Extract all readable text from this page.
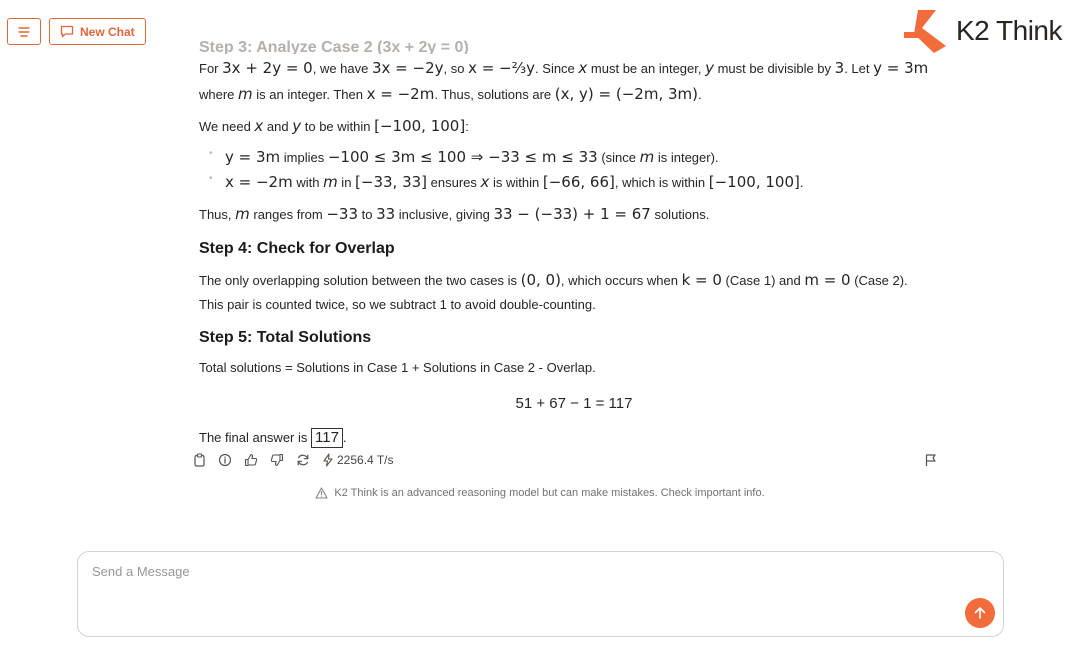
New Chat	K2 Think
Step 3: Analyze Case 2 (3x + 2y = 0)

For 3x + 2y = 0, we have 3x = −2y, so x = −⅔y. Since x must be an integer, y must be divisible by 3. Let y = 3m
where m is an integer. Then x = −2m. Thus, solutions are (x, y) = (−2m, 3m).

We need x and y to be within [−100, 100]:

• y = 3m implies −100 ≤ 3m ≤ 100 ⇒ −33 ≤ m ≤ 33 (since m is integer).
• x = −2m with m in [−33, 33] ensures x is within [−66, 66], which is within [−100, 100].

Thus, m ranges from −33 to 33 inclusive, giving 33 − (−33) + 1 = 67 solutions.

Step 4: Check for Overlap

The only overlapping solution between the two cases is (0, 0), which occurs when k = 0 (Case 1) and m = 0 (Case 2).
This pair is counted twice, so we subtract 1 to avoid double-counting.

Step 5: Total Solutions

Total solutions = Solutions in Case 1 + Solutions in Case 2 - Overlap.

51 + 67 − 1 = 117

The final answer is 117 .

2256.4 T/s
K2 Think is an advanced reasoning model but can make mistakes. Check important info.
Send a Message
